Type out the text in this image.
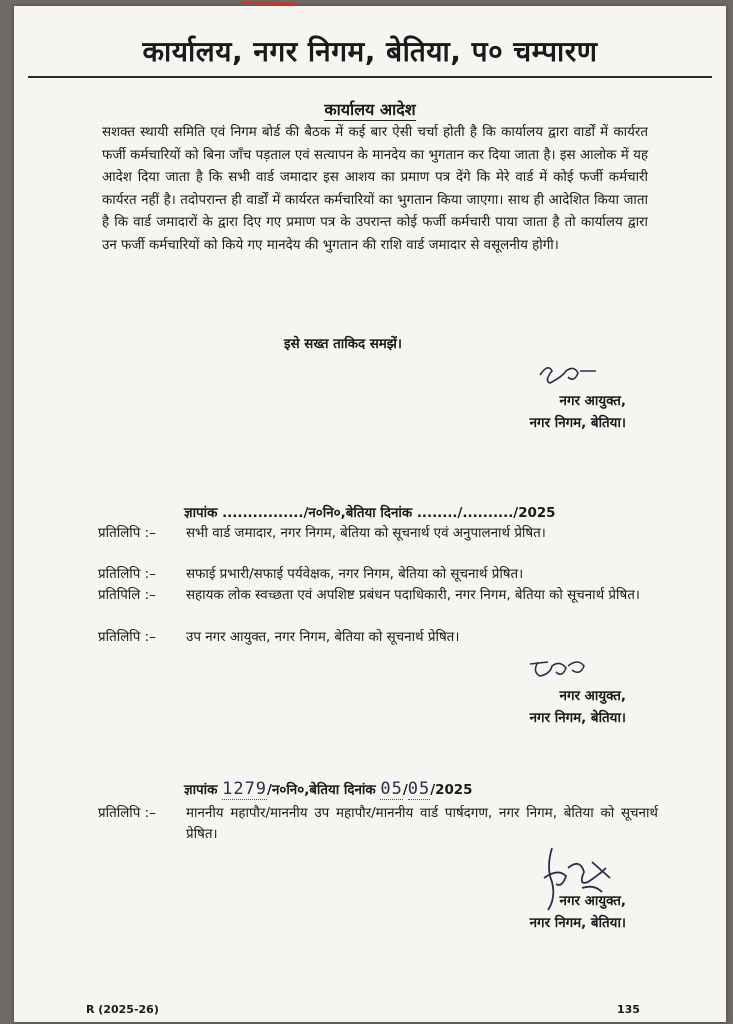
कार्यालय, नगर निगम, बेतिया, प० चम्पारण
कार्यालय आदेश

सशक्त स्थायी समिति एवं निगम बोर्ड की बैठक में कई बार ऐसी चर्चा होती है कि कार्यालय द्वारा वार्डों में कार्यरत फर्जी कर्मचारियों को बिना जाँच पड़ताल एवं सत्यापन के मानदेय का भुगतान कर दिया जाता है। इस आलोक में यह आदेश दिया जाता है कि सभी वार्ड जमादार इस आशय का प्रमाण पत्र देंगे कि मेरे वार्ड में कोई फर्जी कर्मचारी कार्यरत नहीं है। तदोपरान्त ही वार्डों में कार्यरत कर्मचारियों का भुगतान किया जाएगा। साथ ही आदेशित किया जाता है कि वार्ड जमादारों के द्वारा दिए गए प्रमाण पत्र के उपरान्त कोई फर्जी कर्मचारी पाया जाता है तो कार्यालय द्वारा उन फर्जी कर्मचारियों को किये गए मानदेय की भुगतान की राशि वार्ड जमादार से वसूलनीय होगी।

इसे सख्त ताकिद समझें।
नगर आयुक्त,
नगर निगम, बेतिया।
ज्ञापांक ................/न०नि०,बेतिया दिनांक ......../........../2025
प्रतिलिपि :–	सभी वार्ड जमादार, नगर निगम, बेतिया को सूचनार्थ एवं अनुपालनार्थ प्रेषित।
प्रतिलिपि :–	सफाई प्रभारी/सफाई पर्यवेक्षक, नगर निगम, बेतिया को सूचनार्थ प्रेषित।
प्रतिपिलि :–	सहायक लोक स्वच्छता एवं अपशिष्ट प्रबंधन पदाधिकारी, नगर निगम, बेतिया को सूचनार्थ प्रेषित।
प्रतिलिपि :–	उप नगर आयुक्त, नगर निगम, बेतिया को सूचनार्थ प्रेषित।
नगर आयुक्त,
नगर निगम, बेतिया।
ज्ञापांक 1279/न०नि०,बेतिया दिनांक 05/05/2025
प्रतिलिपि :–	माननीय महापौर/माननीय उप महापौर/माननीय वार्ड पार्षदगण, नगर निगम, बेतिया को सूचनार्थ प्रेषित।
नगर आयुक्त,
नगर निगम, बेतिया।
R (2025-26)	135
